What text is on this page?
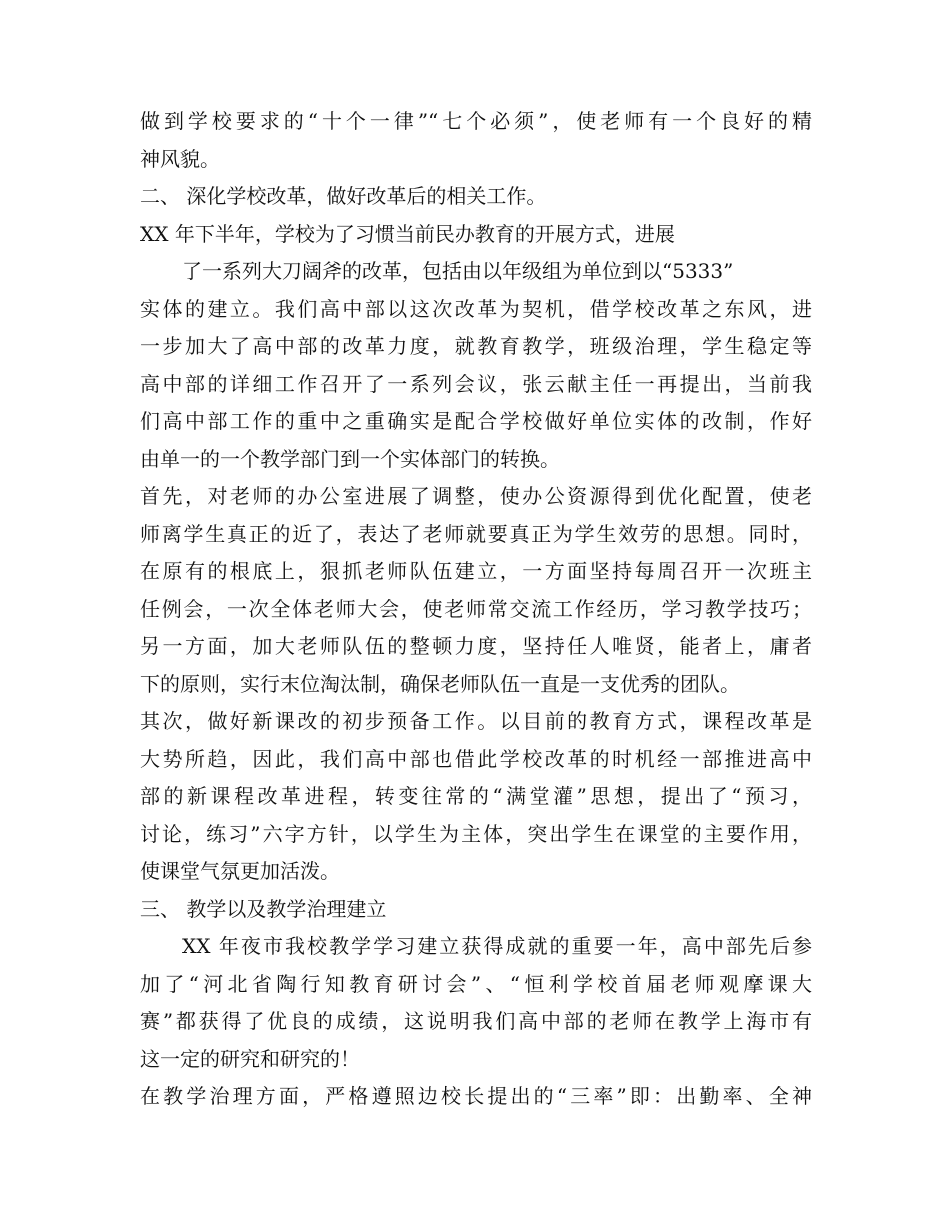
做到学校要求的“十个一律”“七个必须”，使老师有一个良好的精
神风貌。
二、 深化学校改革，做好改革后的相关工作。
XX 年下半年，学校为了习惯当前民办教育的开展方式，进展
了一系列大刀阔斧的改革，包括由以年级组为单位到以“5333”
实体的建立。我们高中部以这次改革为契机，借学校改革之东风，进
一步加大了高中部的改革力度，就教育教学，班级治理，学生稳定等
高中部的详细工作召开了一系列会议，张云献主任一再提出，当前我
们高中部工作的重中之重确实是配合学校做好单位实体的改制，作好
由单一的一个教学部门到一个实体部门的转换。
首先，对老师的办公室进展了调整，使办公资源得到优化配置，使老
师离学生真正的近了，表达了老师就要真正为学生效劳的思想。同时，
在原有的根底上，狠抓老师队伍建立，一方面坚持每周召开一次班主
任例会，一次全体老师大会，使老师常交流工作经历，学习教学技巧；
另一方面，加大老师队伍的整顿力度，坚持任人唯贤，能者上，庸者
下的原则，实行末位淘汰制，确保老师队伍一直是一支优秀的团队。
其次，做好新课改的初步预备工作。以目前的教育方式，课程改革是
大势所趋，因此，我们高中部也借此学校改革的时机经一部推进高中
部的新课程改革进程，转变往常的“满堂灌”思想，提出了“预习，
讨论，练习”六字方针，以学生为主体，突出学生在课堂的主要作用，
使课堂气氛更加活泼。
三、 教学以及教学治理建立
XX 年夜市我校教学学习建立获得成就的重要一年，高中部先后参
加了“河北省陶行知教育研讨会”、“恒利学校首届老师观摩课大
赛”都获得了优良的成绩，这说明我们高中部的老师在教学上海市有
这一定的研究和研究的！
在教学治理方面，严格遵照边校长提出的“三率”即：出勤率、全神
